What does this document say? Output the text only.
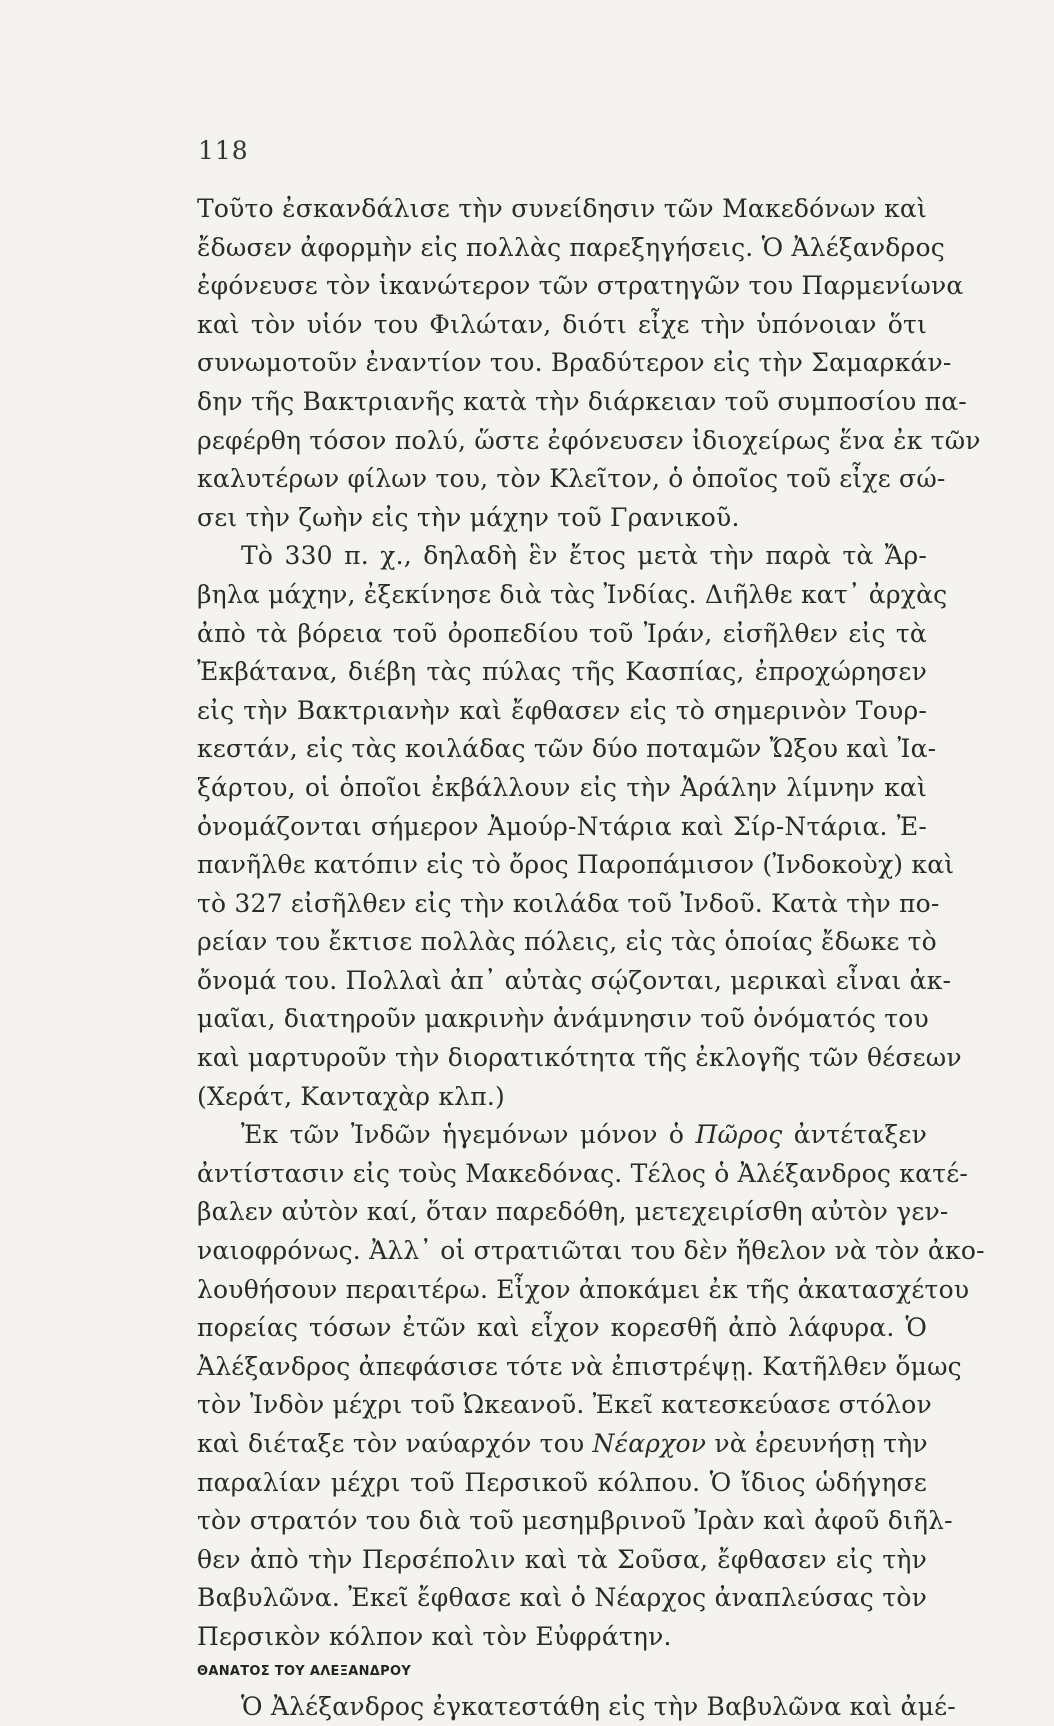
118
Τοῦτο ἐσκανδάλισε τὴν συνείδησιν τῶν Μακεδόνων καὶ
ἔδωσεν ἀφορμὴν εἰς πολλὰς παρεξηγήσεις. Ὁ Ἀλέξανδρος
ἐφόνευσε τὸν ἱκανώτερον τῶν στρατηγῶν του Παρμενίωνα
καὶ τὸν υἱόν του Φιλώταν, διότι εἶχε τὴν ὑπόνοιαν ὅτι
συνωμοτοῦν ἐναντίον του. Βραδύτερον εἰς τὴν Σαμαρκάν-
δην τῆς Βακτριανῆς κατὰ τὴν διάρκειαν τοῦ συμποσίου πα-
ρεφέρθη τόσον πολύ, ὥστε ἐφόνευσεν ἰδιοχείρως ἕνα ἐκ τῶν
καλυτέρων φίλων του, τὸν Κλεῖτον, ὁ ὁποῖος τοῦ εἶχε σώ-
σει τὴν ζωὴν εἰς τὴν μάχην τοῦ Γρανικοῦ.
Τὸ 330 π. χ., δηλαδὴ ἓν ἔτος μετὰ τὴν παρὰ τὰ Ἄρ-
βηλα μάχην, ἐξεκίνησε διὰ τὰς Ἰνδίας. Διῆλθε κατ᾽ ἀρχὰς
ἀπὸ τὰ βόρεια τοῦ ὀροπεδίου τοῦ Ἰράν, εἰσῆλθεν εἰς τὰ
Ἐκβάτανα, διέβη τὰς πύλας τῆς Κασπίας, ἐπροχώρησεν
εἰς τὴν Βακτριανὴν καὶ ἔφθασεν εἰς τὸ σημερινὸν Τουρ-
κεστάν, εἰς τὰς κοιλάδας τῶν δύο ποταμῶν Ὤξου καὶ Ἰα-
ξάρτου, οἱ ὁποῖοι ἐκβάλλουν εἰς τὴν Ἀράλην λίμνην καὶ
ὀνομάζονται σήμερον Ἀμούρ-Ντάρια καὶ Σίρ-Ντάρια. Ἐ-
πανῆλθε κατόπιν εἰς τὸ ὄρος Παροπάμισον (Ἰνδοκοὺχ) καὶ
τὸ 327 εἰσῆλθεν εἰς τὴν κοιλάδα τοῦ Ἰνδοῦ. Κατὰ τὴν πο-
ρείαν του ἔκτισε πολλὰς πόλεις, εἰς τὰς ὁποίας ἔδωκε τὸ
ὄνομά του. Πολλαὶ ἀπ᾽ αὐτὰς σῴζονται, μερικαὶ εἶναι ἀκ-
μαῖαι, διατηροῦν μακρινὴν ἀνάμνησιν τοῦ ὀνόματός του
καὶ μαρτυροῦν τὴν διορατικότητα τῆς ἐκλογῆς τῶν θέσεων
(Χεράτ, Κανταχὰρ κλπ.)
Ἐκ τῶν Ἰνδῶν ἡγεμόνων μόνον ὁ Πῶρος ἀντέταξεν
ἀντίστασιν εἰς τοὺς Μακεδόνας. Τέλος ὁ Ἀλέξανδρος κατέ-
βαλεν αὐτὸν καί, ὅταν παρεδόθη, μετεχειρίσθη αὐτὸν γεν-
ναιοφρόνως. Ἀλλ᾽ οἱ στρατιῶται του δὲν ἤθελον νὰ τὸν ἀκο-
λουθήσουν περαιτέρω. Εἶχον ἀποκάμει ἐκ τῆς ἀκατασχέτου
πορείας τόσων ἐτῶν καὶ εἶχον κορεσθῆ ἀπὸ λάφυρα. Ὁ
Ἀλέξανδρος ἀπεφάσισε τότε νὰ ἐπιστρέψῃ. Κατῆλθεν ὅμως
τὸν Ἰνδὸν μέχρι τοῦ Ὠκεανοῦ. Ἐκεῖ κατεσκεύασε στόλον
καὶ διέταξε τὸν ναύαρχόν του Νέαρχον νὰ ἐρευνήσῃ τὴν
παραλίαν μέχρι τοῦ Περσικοῦ κόλπου. Ὁ ἴδιος ὡδήγησε
τὸν στρατόν του διὰ τοῦ μεσημβρινοῦ Ἰρὰν καὶ ἀφοῦ διῆλ-
θεν ἀπὸ τὴν Περσέπολιν καὶ τὰ Σοῦσα, ἔφθασεν εἰς τὴν
Βαβυλῶνα. Ἐκεῖ ἔφθασε καὶ ὁ Νέαρχος ἀναπλεύσας τὸν
Περσικὸν κόλπον καὶ τὸν Εὐφράτην.
ΘΑΝΑΤΟΣ ΤΟΥ ΑΛΕΞΑΝΔΡΟΥ
Ὁ Ἀλέξανδρος ἐγκατεστάθη εἰς τὴν Βαβυλῶνα καὶ ἀμέ-
